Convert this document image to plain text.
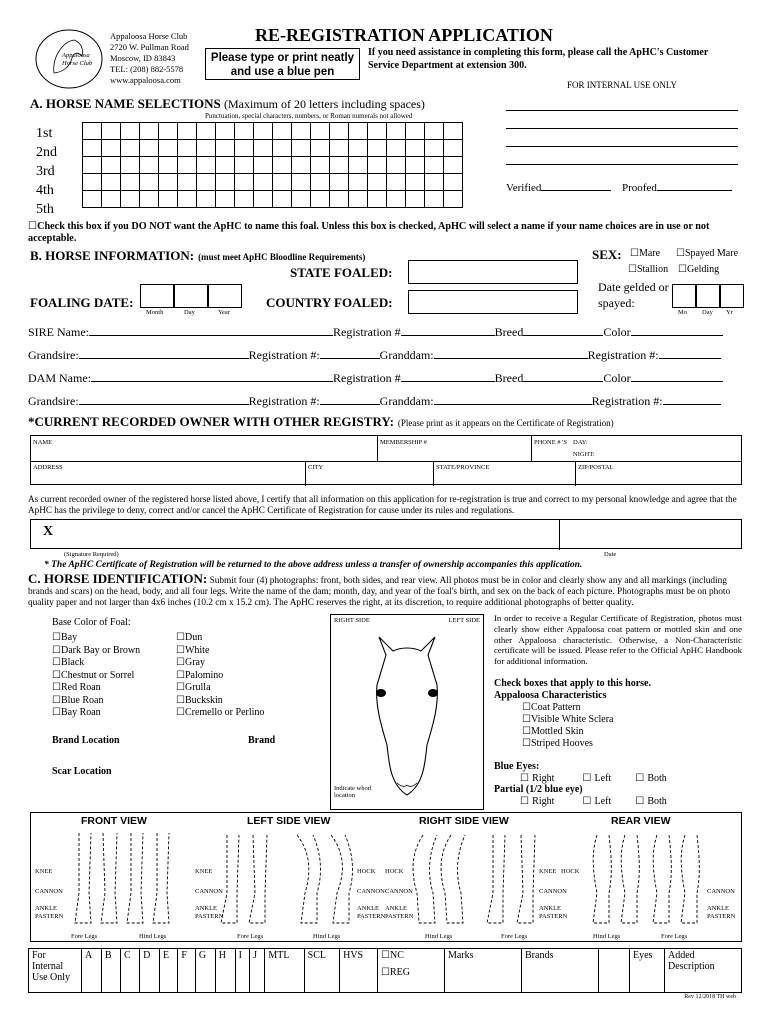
Appaloosa Horse Club
Appaloosa Horse Club
2720 W. Pullman Road
Moscow, ID 83843
TEL: (208) 882-5578
www.appaloosa.com
RE-REGISTRATION APPLICATION
Please type or print neatly and use a blue pen
If you need assistance in completing this form, please call the ApHC's Customer Service Department at extension 300.
FOR INTERNAL USE ONLY
Verified	Proofed
A. HORSE NAME SELECTIONS (Maximum of 20 letters including spaces)
Punctuation, special characters, numbers, or Roman numerals not allowed
1st
2nd
3rd
4th
5th

☐Check this box if you DO NOT want the ApHC to name this foal. Unless this box is checked, ApHC will select a name if your name choices are in use or not acceptable.
B. HORSE INFORMATION: (must meet ApHC Bloodline Requirements)
STATE FOALED:
FOALING DATE:
Month	Day	Year
COUNTRY FOALED:
SEX: ☐Mare ☐Spayed Mare
☐Stallion ☐Gelding
Date gelded or spayed:
Mo Day Yr
SIRE Name:	Registration #	Breed	Color
Grandsire:	Registration #:	Granddam:	Registration #:
DAM Name:	Registration #	Breed	Color
Grandsire:	Registration #:	Granddam:	Registration #:
*CURRENT RECORDED OWNER WITH OTHER REGISTRY: (Please print as it appears on the Certificate of Registration)
NAME	MEMBERSHIP #	PHONE # 'S DAY:
NIGHT:
ADDRESS	CITY	STATE/PROVINCE	ZIP/POSTAL
As current recorded owner of the registered horse listed above, I certify that all information on this application for re-registration is true and correct to my personal knowledge and agree that the ApHC has the privilege to deny, correct and/or cancel the ApHC Certificate of Registration for cause under its rules and regulations.
X
(Signature Required)	Date
* The ApHC Certificate of Registration will be returned to the above address unless a transfer of ownership accompanies this application.
C. HORSE IDENTIFICATION: Submit four (4) photographs: front, both sides, and rear view. All photos must be in color and clearly show any and all markings (including brands and scars) on the head, body, and all four legs. Write the name of the dam; month, day, and year of the foal's birth, and sex on the back of each picture. Photographs must be on photo quality paper and not larger than 4x6 inches (10.2 cm x 15.2 cm). The ApHC reserves the right, at its discretion, to require additional photographs of better quality.
Base Color of Foal:
☐Bay
☐Dark Bay or Brown
☐Black
☐Chestnut or Sorrel
☐Red Roan
☐Blue Roan
☐Bay Roan
☐Dun
☐White
☐Gray
☐Palomino
☐Grulla
☐Buckskin
☐Cremello or Perlino
Brand Location	Brand
Scar Location
RIGHT SIDE	LEFT SIDE
Indicate whorl location
In order to receive a Regular Certificate of Registration, photos must clearly show either Appaloosa coat pattern or mottled skin and one other Appaloosa characteristic. Otherwise, a Non-Characteristic certificate will be issued. Please refer to the Official ApHC Handbook for additional information.
Check boxes that apply to this horse.
Appaloosa Characteristics
☐Coat Pattern
☐Visible White Sclera
☐Mottled Skin
☐Striped Hooves
Blue Eyes:
☐ Right	☐ Left ☐ Both
Partial (1/2 blue eye)
☐ Right	☐ Left ☐ Both
FRONT VIEW	LEFT SIDE VIEW	RIGHT SIDE VIEW	REAR VIEW
KNEE
CANNON
ANKLE
PASTERN
Fore Legs	Hind Legs
KNEE
CANNON
ANKLE
PASTERN
HOCK
CANNON
ANKLE
PASTERN
Fore Legs	Hind Legs
HOCK
CANNON
ANKLE
PASTERN
KNEE
CANNON
ANKLE
PASTERN
Hind Legs	Fore Legs
HOCK
CANNON
ANKLE
PASTERN
Hind Legs	Fore Legs
For Internal Use Only	A	B	C	D	E	F	G	H	I	J	MTL	SCL	HVS	☐NC
☐REG
	Marks	Brands		Eyes	Added Description
Rev 12/2018 TH web
